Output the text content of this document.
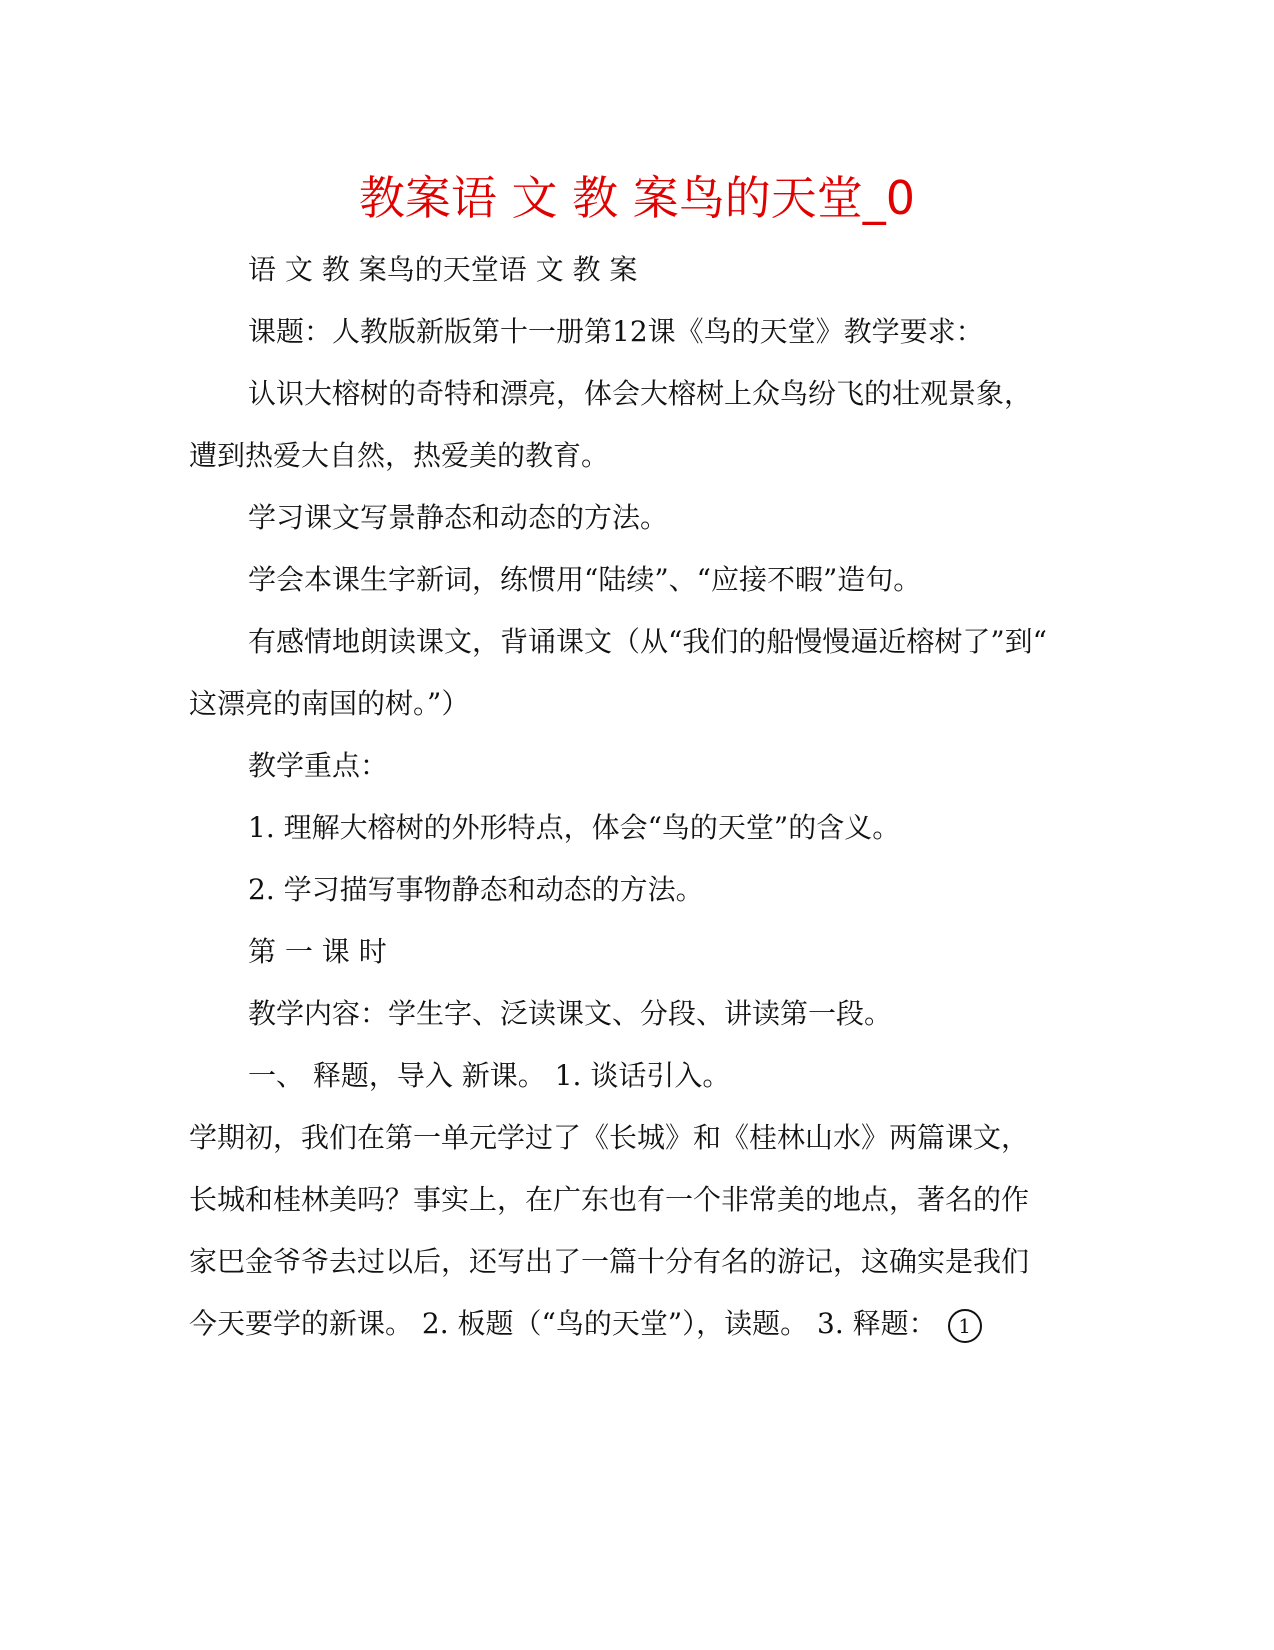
教案语 文 教 案鸟的天堂_0
语 文 教 案鸟的天堂语 文 教 案
课题：人教版新版第十一册第12课《鸟的天堂》教学要求：
认识大榕树的奇特和漂亮，体会大榕树上众鸟纷飞的壮观景象，
遭到热爱大自然，热爱美的教育。
学习课文写景静态和动态的方法。
学会本课生字新词，练惯用“陆续”、“应接不暇”造句。
有感情地朗读课文，背诵课文（从“我们的船慢慢逼近榕树了”到“
这漂亮的南国的树。”）
教学重点：
1. 理解大榕树的外形特点，体会“鸟的天堂”的含义。
2. 学习描写事物静态和动态的方法。
第 一 课 时
教学内容：学生字、泛读课文、分段、讲读第一段。
一、 释题，导入 新课。 1. 谈话引入。
学期初，我们在第一单元学过了《长城》和《桂林山水》两篇课文，
长城和桂林美吗？事实上，在广东也有一个非常美的地点，著名的作
家巴金爷爷去过以后，还写出了一篇十分有名的游记，这确实是我们
今天要学的新课。 2. 板题（“鸟的天堂”），读题。 3. 释题： 1
